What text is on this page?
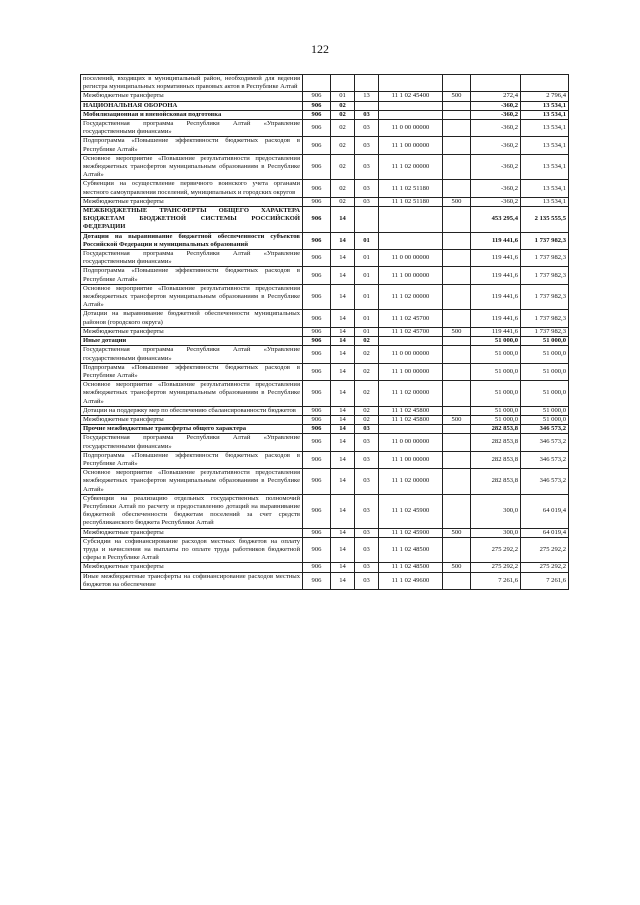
122
поселений, входящих в муниципальный район, необходимой для ведения регистра муниципальных нормативных правовых актов в Республике Алтай							
Межбюджетные трансферты	906	01	13	11 1 02 45400	500	272,4	2 796,4
НАЦИОНАЛЬНАЯ ОБОРОНА	906	02				-360,2	13 534,1
Мобилизационная и вневойсковая подготовка	906	02	03			-360,2	13 534,1
Государственная программа Республики Алтай «Управление государственными финансами»	906	02	03	11 0 00 00000		-360,2	13 534,1
Подпрограмма «Повышение эффективности бюджетных расходов в Республике Алтай»	906	02	03	11 1 00 00000		-360,2	13 534,1
Основное мероприятие «Повышение результативности предоставления межбюджетных трансфертов муниципальным образованиям в Республике Алтай»	906	02	03	11 1 02 00000		-360,2	13 534,1
Субвенции на осуществление первичного воинского учета органами местного самоуправления поселений, муниципальных и городских округов	906	02	03	11 1 02 51180		-360,2	13 534,1
Межбюджетные трансферты	906	02	03	11 1 02 51180	500	-360,2	13 534,1
МЕЖБЮДЖЕТНЫЕ ТРАНСФЕРТЫ ОБЩЕГО ХАРАКТЕРА БЮДЖЕТАМ БЮДЖЕТНОЙ СИСТЕМЫ РОССИЙСКОЙ ФЕДЕРАЦИИ	906	14				453 295,4	2 135 555,5
Дотации на выравнивание бюджетной обеспеченности субъектов Российской Федерации и муниципальных образований	906	14	01			119 441,6	1 737 982,3
Государственная программа Республики Алтай «Управление государственными финансами»	906	14	01	11 0 00 00000		119 441,6	1 737 982,3
Подпрограмма «Повышение эффективности бюджетных расходов в Республике Алтай»	906	14	01	11 1 00 00000		119 441,6	1 737 982,3
Основное мероприятие «Повышение результативности предоставления межбюджетных трансфертов муниципальным образованиям в Республике Алтай»	906	14	01	11 1 02 00000		119 441,6	1 737 982,3
Дотации на выравнивание бюджетной обеспеченности муниципальных районов (городского округа)	906	14	01	11 1 02 45700		119 441,6	1 737 982,3
Межбюджетные трансферты	906	14	01	11 1 02 45700	500	119 441,6	1 737 982,3
Иные дотации	906	14	02			51 000,0	51 000,0
Государственная программа Республики Алтай «Управление государственными финансами»	906	14	02	11 0 00 00000		51 000,0	51 000,0
Подпрограмма «Повышение эффективности бюджетных расходов в Республике Алтай»	906	14	02	11 1 00 00000		51 000,0	51 000,0
Основное мероприятие «Повышение результативности предоставления межбюджетных трансфертов муниципальным образованиям в Республике Алтай»	906	14	02	11 1 02 00000		51 000,0	51 000,0
Дотации на поддержку мер по обеспечению сбалансированности бюджетов	906	14	02	11 1 02 45800		51 000,0	51 000,0
Межбюджетные трансферты	906	14	02	11 1 02 45800	500	51 000,0	51 000,0
Прочие межбюджетные трансферты общего характера	906	14	03			282 853,8	346 573,2
Государственная программа Республики Алтай «Управление государственными финансами»	906	14	03	11 0 00 00000		282 853,8	346 573,2
Подпрограмма «Повышение эффективности бюджетных расходов в Республике Алтай»	906	14	03	11 1 00 00000		282 853,8	346 573,2
Основное мероприятие «Повышение результативности предоставления межбюджетных трансфертов муниципальным образованиям в Республике Алтай»	906	14	03	11 1 02 00000		282 853,8	346 573,2
Субвенции на реализацию отдельных государственных полномочий Республики Алтай по расчету и предоставлению дотаций на выравнивание бюджетной обеспеченности бюджетам поселений за счет средств республиканского бюджета Республики Алтай	906	14	03	11 1 02 45900		300,0	64 019,4
Межбюджетные трансферты	906	14	03	11 1 02 45900	500	300,0	64 019,4
Субсидии на софинансирование расходов местных бюджетов на оплату труда и начисления на выплаты по оплате труда работников бюджетной сферы в Республике Алтай	906	14	03	11 1 02 48500		275 292,2	275 292,2
Межбюджетные трансферты	906	14	03	11 1 02 48500	500	275 292,2	275 292,2
Иные межбюджетные трансферты на софинансирование расходов местных бюджетов на обеспечение	906	14	03	11 1 02 49600		7 261,6	7 261,6
